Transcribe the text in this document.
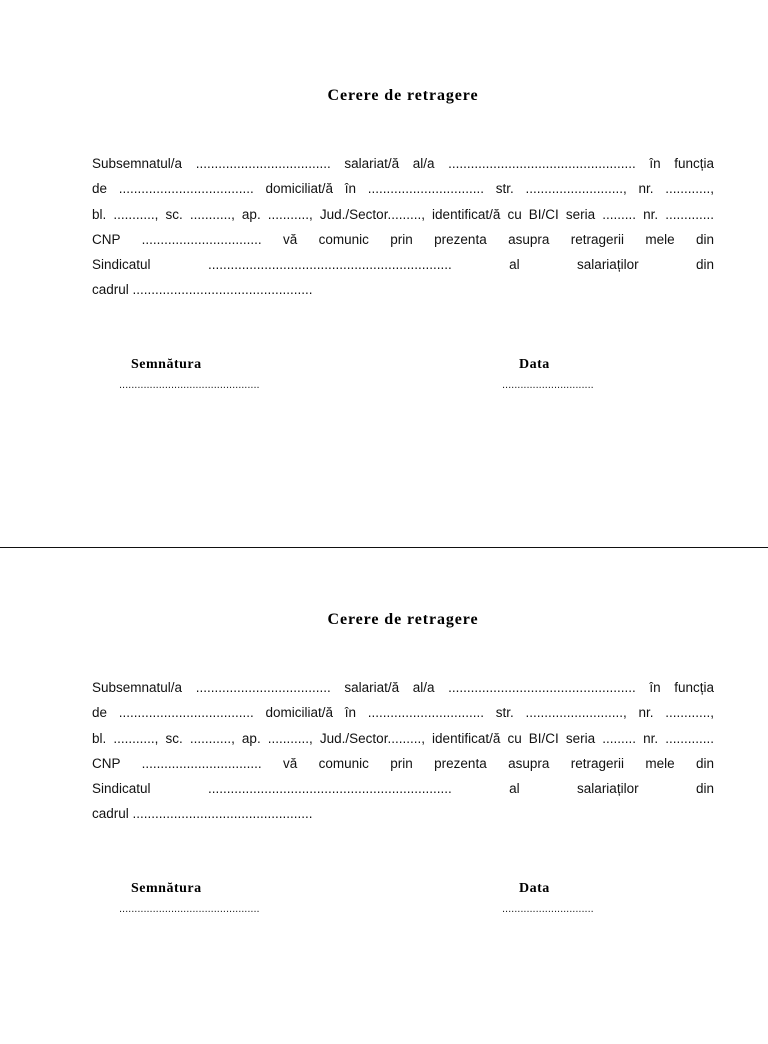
Cerere de retragere
Subsemnatul/a .................................... salariat/ă al/a .................................................. în funcția
de .................................... domiciliat/ă în ............................... str. .........................., nr. ............,
bl. ..........., sc. ..........., ap. ..........., Jud./Sector........., identificat/ă cu BI/CI seria ......... nr. .............
CNP ................................ vă comunic prin prezenta asupra retragerii mele din
Sindicatul ................................................................. al salariaților din
cadrul ................................................
Semnătura	Data
..............................................	..............................
Cerere de retragere
Subsemnatul/a .................................... salariat/ă al/a .................................................. în funcția
de .................................... domiciliat/ă în ............................... str. .........................., nr. ............,
bl. ..........., sc. ..........., ap. ..........., Jud./Sector........., identificat/ă cu BI/CI seria ......... nr. .............
CNP ................................ vă comunic prin prezenta asupra retragerii mele din
Sindicatul ................................................................. al salariaților din
cadrul ................................................
Semnătura	Data
..............................................	..............................
